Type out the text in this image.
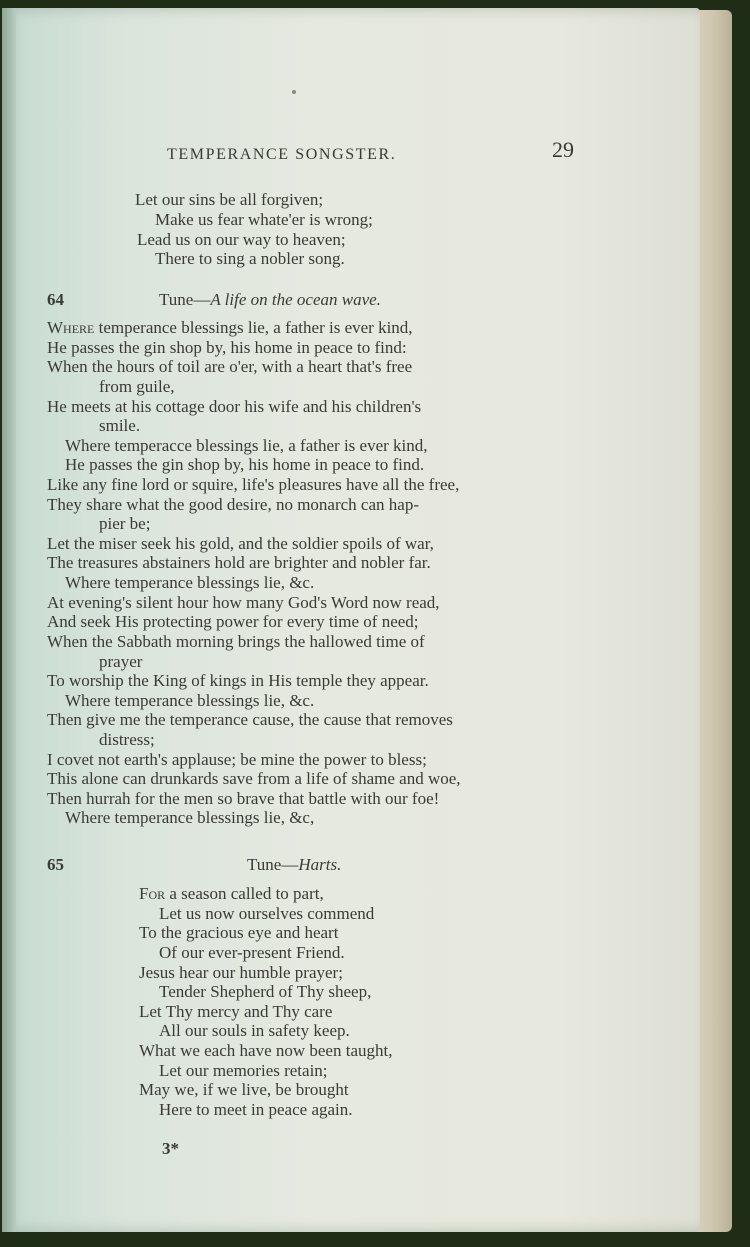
TEMPERANCE SONGSTER.	29
Let our sins be all forgiven;
Make us fear whate'er is wrong;
Lead us on our way to heaven;
There to sing a nobler song.
64	Tune—A life on the ocean wave.
Where temperance blessings lie, a father is ever kind,
He passes the gin shop by, his home in peace to find:
When the hours of toil are o'er, with a heart that's free
from guile,
He meets at his cottage door his wife and his children's
smile.
Where temperacce blessings lie, a father is ever kind,
He passes the gin shop by, his home in peace to find.
Like any fine lord or squire, life's pleasures have all the free,
They share what the good desire, no monarch can hap-
pier be;
Let the miser seek his gold, and the soldier spoils of war,
The treasures abstainers hold are brighter and nobler far.
Where temperance blessings lie, &c.
At evening's silent hour how many God's Word now read,
And seek His protecting power for every time of need;
When the Sabbath morning brings the hallowed time of
prayer
To worship the King of kings in His temple they appear.
Where temperance blessings lie, &c.
Then give me the temperance cause, the cause that removes
distress;
I covet not earth's applause; be mine the power to bless;
This alone can drunkards save from a life of shame and woe,
Then hurrah for the men so brave that battle with our foe!
Where temperance blessings lie, &c,
65	Tune—Harts.
For a season called to part,
Let us now ourselves commend
To the gracious eye and heart
Of our ever-present Friend.
Jesus hear our humble prayer;
Tender Shepherd of Thy sheep,
Let Thy mercy and Thy care
All our souls in safety keep.
What we each have now been taught,
Let our memories retain;
May we, if we live, be brought
Here to meet in peace again.
3*
